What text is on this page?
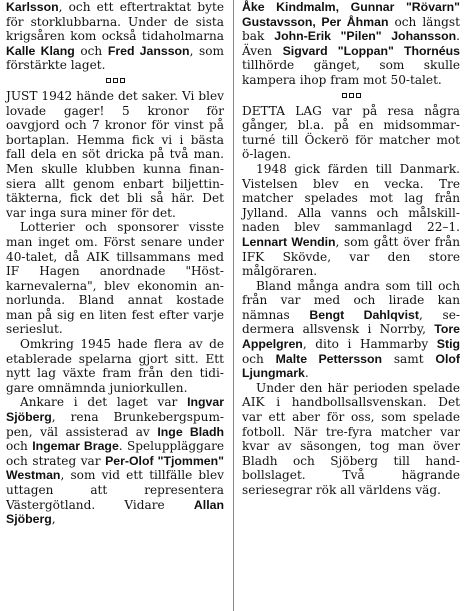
Karlsson, och ett eftertraktat byte för storklubbarna. Under de sista krigsåren kom också tidaholmarna Kalle Klang och Fred Jansson, som förstärkte laget.

JUST 1942 hände det saker. Vi blev lovade gager! 5 kronor för oavgjord och 7 kronor för vinst på bortaplan. Hemma fick vi i bästa fall dela en söt dricka på två man. Men skulle klubben kunna finansiera allt genom enbart biljettintäkterna, fick det bli så här. Det var inga sura miner för det.

Lotterier och sponsorer visste man inget om. Först senare under 40-talet, då AIK tillsammans med IF Hagen anordnade "Höstkarnevalerna", blev ekonomin annorlunda. Bland annat kostade man på sig en liten fest efter varje serieslut.

Omkring 1945 hade flera av de etablerade spelarna gjort sitt. Ett nytt lag växte fram från den tidigare omnämnda juniorkullen.

Ankare i det laget var Ingvar Sjöberg, rena Brunkebergspumpen, väl assisterad av Inge Bladh och Ingemar Brage. Speluppläggare och strateg var Per-Olof "Tjommen" Westman, som vid ett tillfälle blev uttagen att representera Västergötland. Vidare Allan Sjöberg,

Åke Kindmalm, Gunnar "Rövarn" Gustavsson, Per Åhman och längst bak John-Erik "Pilen" Johansson. Även Sigvard "Loppan" Thornéus tillhörde gänget, som skulle kampera ihop fram mot 50-talet.

DETTA LAG var på resa några gånger, bl.a. på en midsommarturné till Öckerö för matcher mot ö-lagen.

1948 gick färden till Danmark. Vistelsen blev en vecka. Tre matcher spelades mot lag från Jylland. Alla vanns och målskillnaden blev sammanlagd 22–1. Lennart Wendin, som gått över från IFK Skövde, var den store målgöraren.

Bland många andra som till och från var med och lirade kan nämnas Bengt Dahlqvist, sedermera allsvensk i Norrby, Tore Appelgren, dito i Hammarby Stig och Malte Pettersson samt Olof Ljungmark.

Under den här perioden spelade AIK i handbollsallsvenskan. Det var ett aber för oss, som spelade fotboll. När tre-fyra matcher var kvar av säsongen, tog man över Bladh och Sjöberg till handbollslaget. Två hägrande seriesegrar rök all världens väg.
